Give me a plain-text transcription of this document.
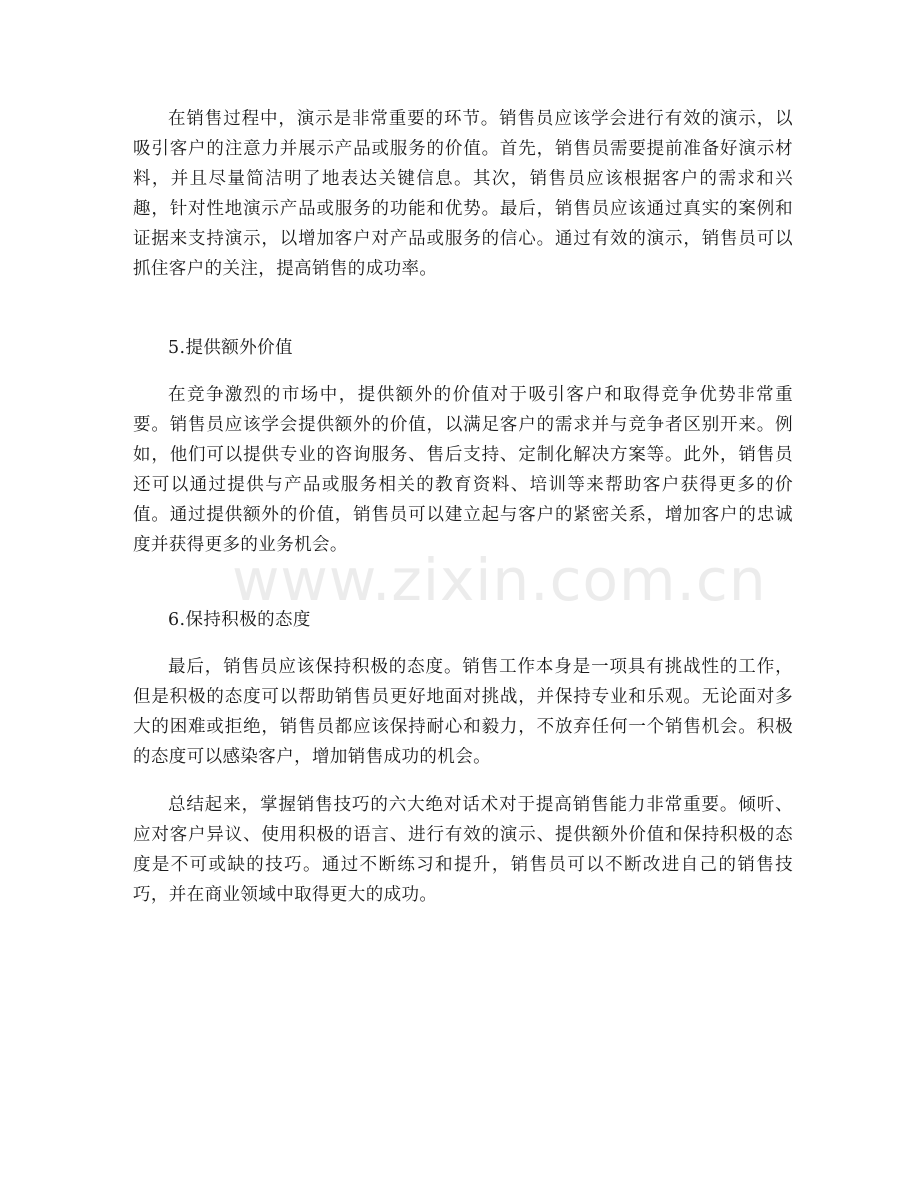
在销售过程中，演示是非常重要的环节。销售员应该学会进行有效的演示，以吸引客户的注意力并展示产品或服务的价值。首先，销售员需要提前准备好演示材料，并且尽量简洁明了地表达关键信息。其次，销售员应该根据客户的需求和兴趣，针对性地演示产品或服务的功能和优势。最后，销售员应该通过真实的案例和证据来支持演示，以增加客户对产品或服务的信心。通过有效的演示，销售员可以抓住客户的关注，提高销售的成功率。

5.提供额外价值

在竞争激烈的市场中，提供额外的价值对于吸引客户和取得竞争优势非常重要。销售员应该学会提供额外的价值，以满足客户的需求并与竞争者区别开来。例如，他们可以提供专业的咨询服务、售后支持、定制化解决方案等。此外，销售员还可以通过提供与产品或服务相关的教育资料、培训等来帮助客户获得更多的价值。通过提供额外的价值，销售员可以建立起与客户的紧密关系，增加客户的忠诚度并获得更多的业务机会。

6.保持积极的态度

最后，销售员应该保持积极的态度。销售工作本身是一项具有挑战性的工作，但是积极的态度可以帮助销售员更好地面对挑战，并保持专业和乐观。无论面对多大的困难或拒绝，销售员都应该保持耐心和毅力，不放弃任何一个销售机会。积极的态度可以感染客户，增加销售成功的机会。

总结起来，掌握销售技巧的六大绝对话术对于提高销售能力非常重要。倾听、应对客户异议、使用积极的语言、进行有效的演示、提供额外价值和保持积极的态度是不可或缺的技巧。通过不断练习和提升，销售员可以不断改进自己的销售技巧，并在商业领域中取得更大的成功。

www.zixin.com.cn
